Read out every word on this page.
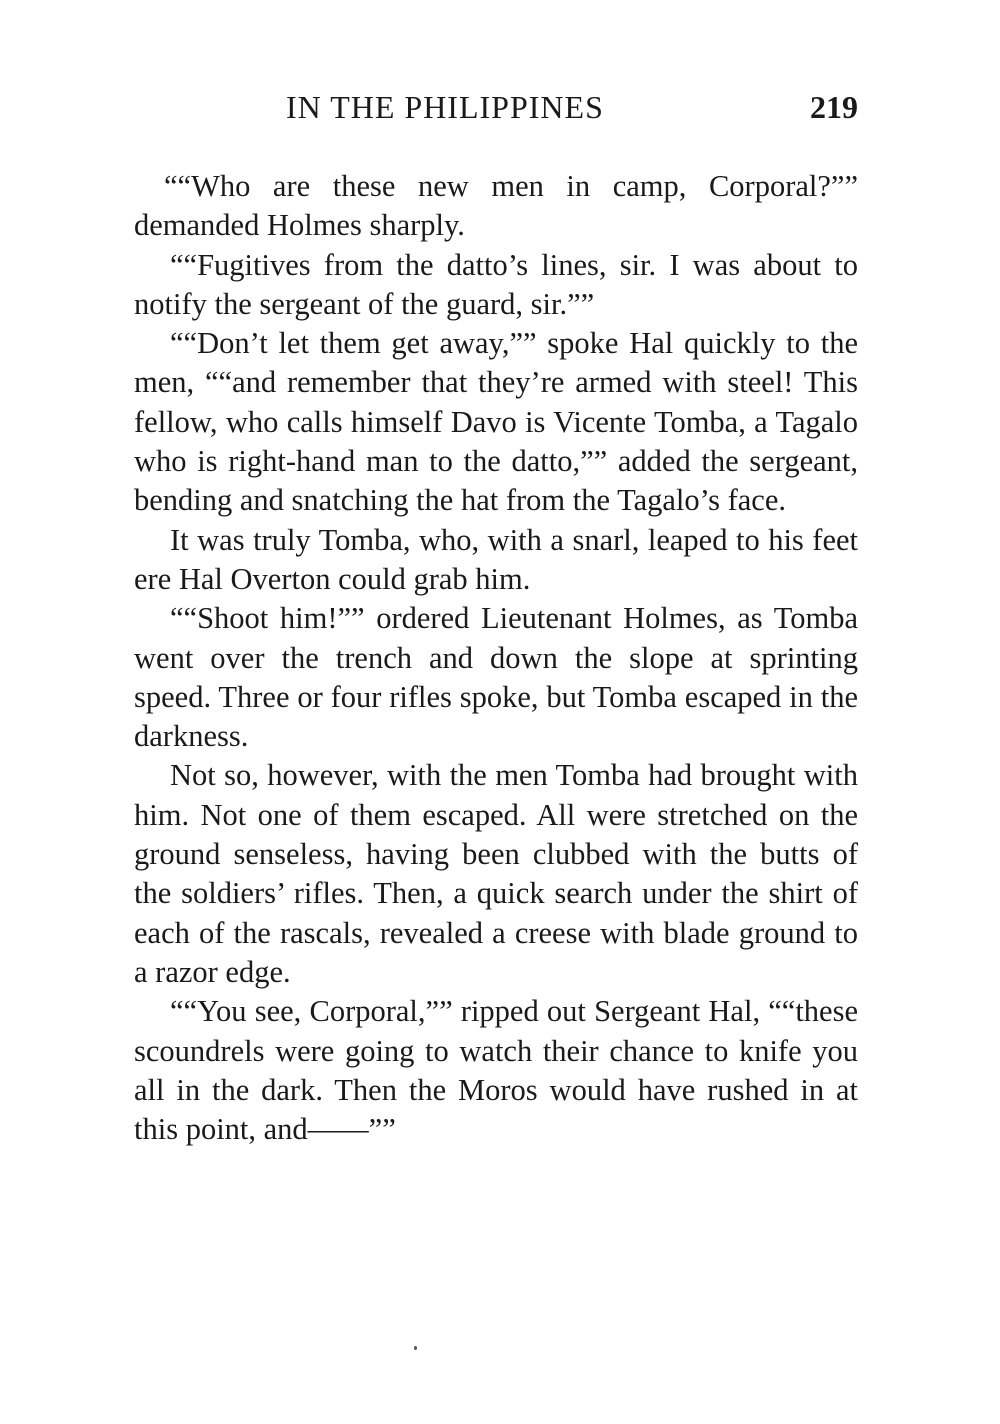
IN THE PHILIPPINES	219

““Who are these new men in camp, Corporal?”” demanded Holmes sharply.

““Fugitives from the datto’s lines, sir. I was about to notify the sergeant of the guard, sir.””

““Don’t let them get away,”” spoke Hal quickly to the men, ““and remember that they’re armed with steel! This fellow, who calls himself Davo is Vicente Tomba, a Tagalo who is right-hand man to the datto,”” added the sergeant, bending and snatching the hat from the Tagalo’s face.

It was truly Tomba, who, with a snarl, leaped to his feet ere Hal Overton could grab him.

““Shoot him!”” ordered Lieutenant Holmes, as Tomba went over the trench and down the slope at sprinting speed. Three or four rifles spoke, but Tomba escaped in the darkness.

Not so, however, with the men Tomba had brought with him. Not one of them escaped. All were stretched on the ground senseless, having been clubbed with the butts of the soldiers’ rifles. Then, a quick search under the shirt of each of the rascals, revealed a creese with blade ground to a razor edge.

““You see, Corporal,”” ripped out Sergeant Hal, ““these scoundrels were going to watch their chance to knife you all in the dark. Then the Moros would have rushed in at this point, and——””
